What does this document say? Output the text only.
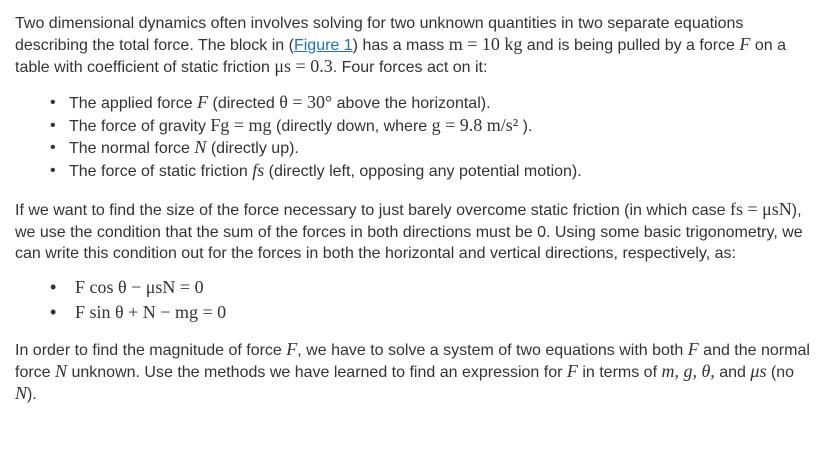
Two dimensional dynamics often involves solving for two unknown quantities in two separate equations describing the total force. The block in (Figure 1) has a mass m = 10 kg and is being pulled by a force F on a table with coefficient of static friction μs = 0.3. Four forces act on it:

• The applied force F (directed θ = 30° above the horizontal).
• The force of gravity Fg = mg (directly down, where g = 9.8 m/s² ).
• The normal force N (directly up).
• The force of static friction fs (directly left, opposing any potential motion).

If we want to find the size of the force necessary to just barely overcome static friction (in which case fs = μsN), we use the condition that the sum of the forces in both directions must be 0. Using some basic trigonometry, we can write this condition out for the forces in both the horizontal and vertical directions, respectively, as:

• F cos θ − μsN = 0
• F sin θ + N − mg = 0

In order to find the magnitude of force F, we have to solve a system of two equations with both F and the normal force N unknown. Use the methods we have learned to find an expression for F in terms of m, g, θ, and μs (no N).
